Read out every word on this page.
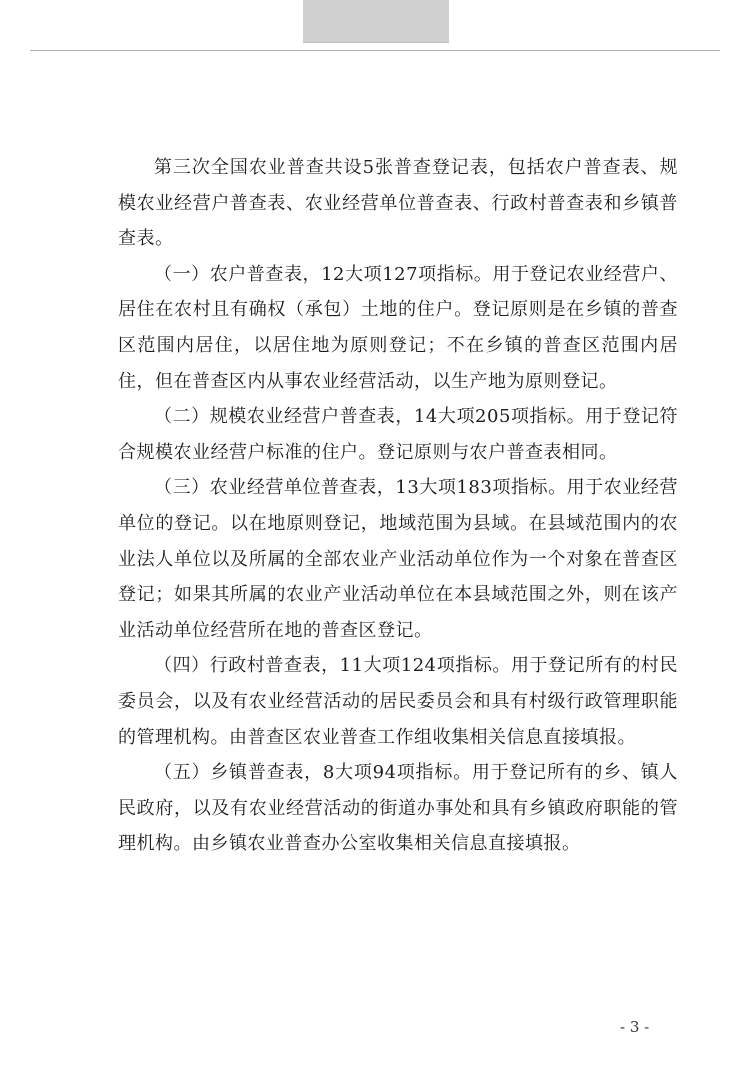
第三次全国农业普查共设5张普查登记表，包括农户普查表、规模农业经营户普查表、农业经营单位普查表、行政村普查表和乡镇普查表。

（一）农户普查表，12大项127项指标。用于登记农业经营户、居住在农村且有确权（承包）土地的住户。登记原则是在乡镇的普查区范围内居住，以居住地为原则登记；不在乡镇的普查区范围内居住，但在普查区内从事农业经营活动，以生产地为原则登记。

（二）规模农业经营户普查表，14大项205项指标。用于登记符合规模农业经营户标准的住户。登记原则与农户普查表相同。

（三）农业经营单位普查表，13大项183项指标。用于农业经营单位的登记。以在地原则登记，地域范围为县域。在县域范围内的农业法人单位以及所属的全部农业产业活动单位作为一个对象在普查区登记；如果其所属的农业产业活动单位在本县域范围之外，则在该产业活动单位经营所在地的普查区登记。

（四）行政村普查表，11大项124项指标。用于登记所有的村民委员会，以及有农业经营活动的居民委员会和具有村级行政管理职能的管理机构。由普查区农业普查工作组收集相关信息直接填报。

（五）乡镇普查表，8大项94项指标。用于登记所有的乡、镇人民政府，以及有农业经营活动的街道办事处和具有乡镇政府职能的管理机构。由乡镇农业普查办公室收集相关信息直接填报。

- 3 -
